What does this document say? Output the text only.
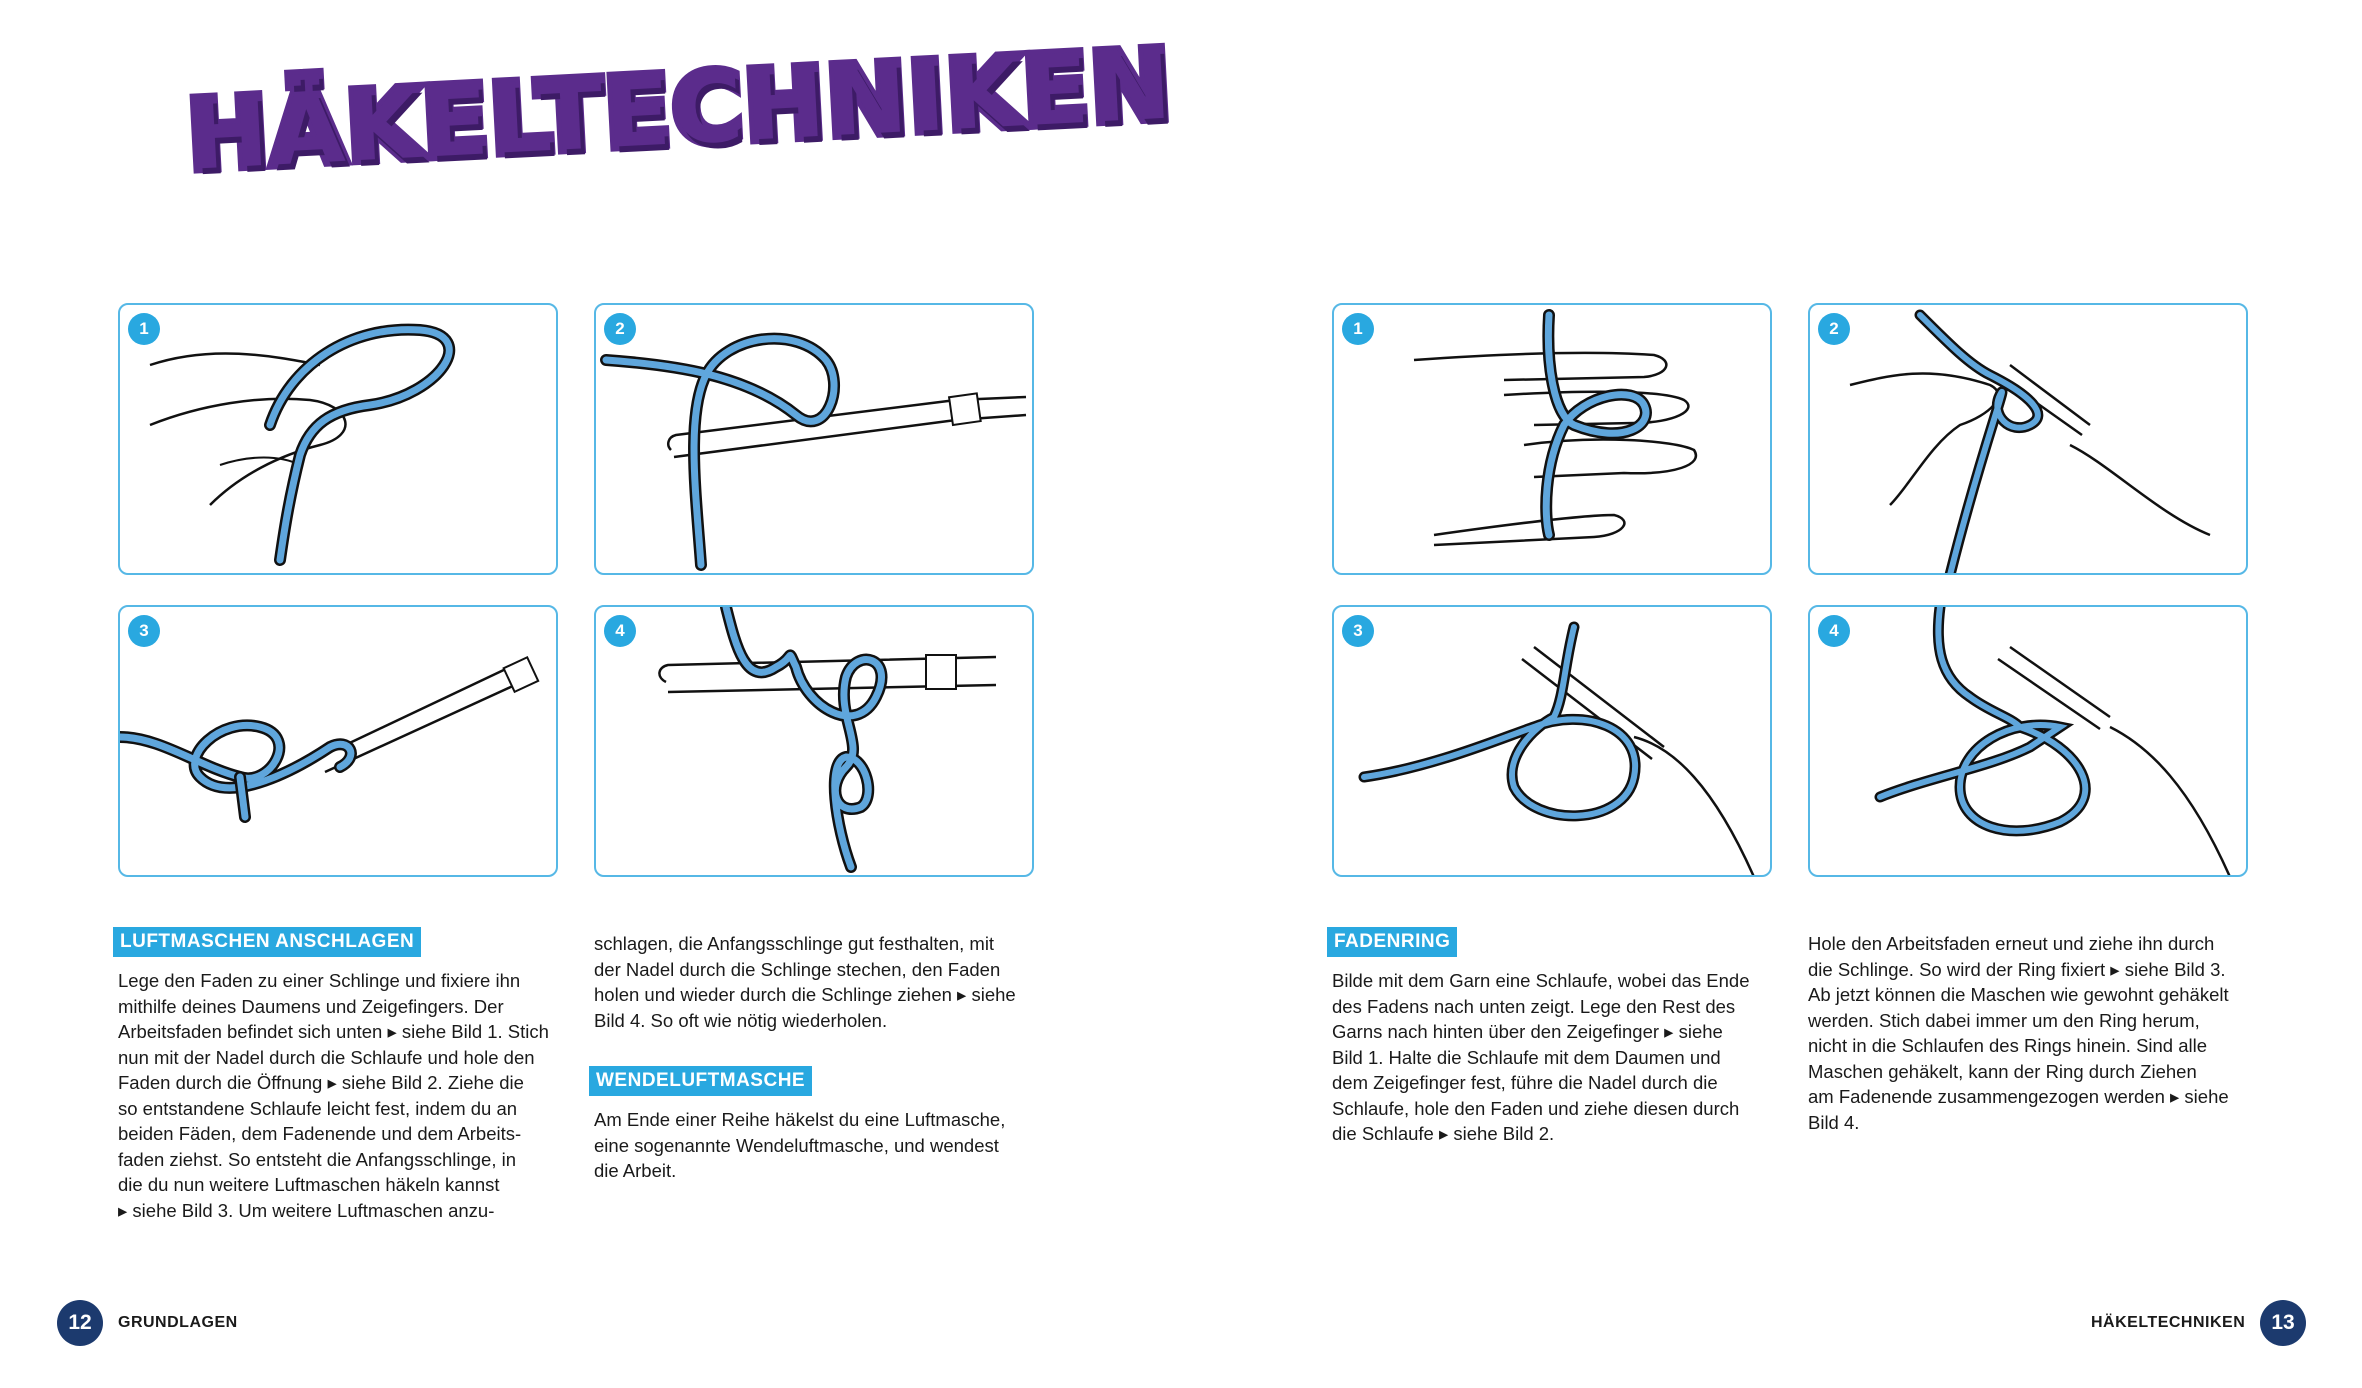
HÄKELTECHNIKEN
1	2
3	4
1	2
3	4
LUFTMASCHEN ANSCHLAGEN

Lege den Faden zu einer Schlinge und fixiere ihn

mithilfe deines Daumens und Zeigefingers. Der

Arbeitsfaden befindet sich unten ▸ siehe Bild 1. Stich

nun mit der Nadel durch die Schlaufe und hole den

Faden durch die Öffnung ▸ siehe Bild 2. Ziehe die

so entstandene Schlaufe leicht fest, indem du an

beiden Fäden, dem Fadenende und dem Arbeits-

faden ziehst. So entsteht die Anfangsschlinge, in

die du nun weitere Luftmaschen häkeln kannst

▸ siehe Bild 3. Um weitere Luftmaschen anzu-

schlagen, die Anfangsschlinge gut festhalten, mit

der Nadel durch die Schlinge stechen, den Faden

holen und wieder durch die Schlinge ziehen ▸ siehe

Bild 4. So oft wie nötig wiederholen.

WENDELUFTMASCHE

Am Ende einer Reihe häkelst du eine Luftmasche,

eine sogenannte Wendeluftmasche, und wendest

die Arbeit.

FADENRING

Bilde mit dem Garn eine Schlaufe, wobei das Ende

des Fadens nach unten zeigt. Lege den Rest des

Garns nach hinten über den Zeigefinger ▸ siehe

Bild 1. Halte die Schlaufe mit dem Daumen und

dem Zeigefinger fest, führe die Nadel durch die

Schlaufe, hole den Faden und ziehe diesen durch

die Schlaufe ▸ siehe Bild 2.

Hole den Arbeitsfaden erneut und ziehe ihn durch

die Schlinge. So wird der Ring fixiert ▸ siehe Bild 3.

Ab jetzt können die Maschen wie gewohnt gehäkelt

werden. Stich dabei immer um den Ring herum,

nicht in die Schlaufen des Rings hinein. Sind alle

Maschen gehäkelt, kann der Ring durch Ziehen

am Fadenende zusammengezogen werden ▸ siehe

Bild 4.

12	GRUNDLAGEN	HÄKELTECHNIKEN	13
